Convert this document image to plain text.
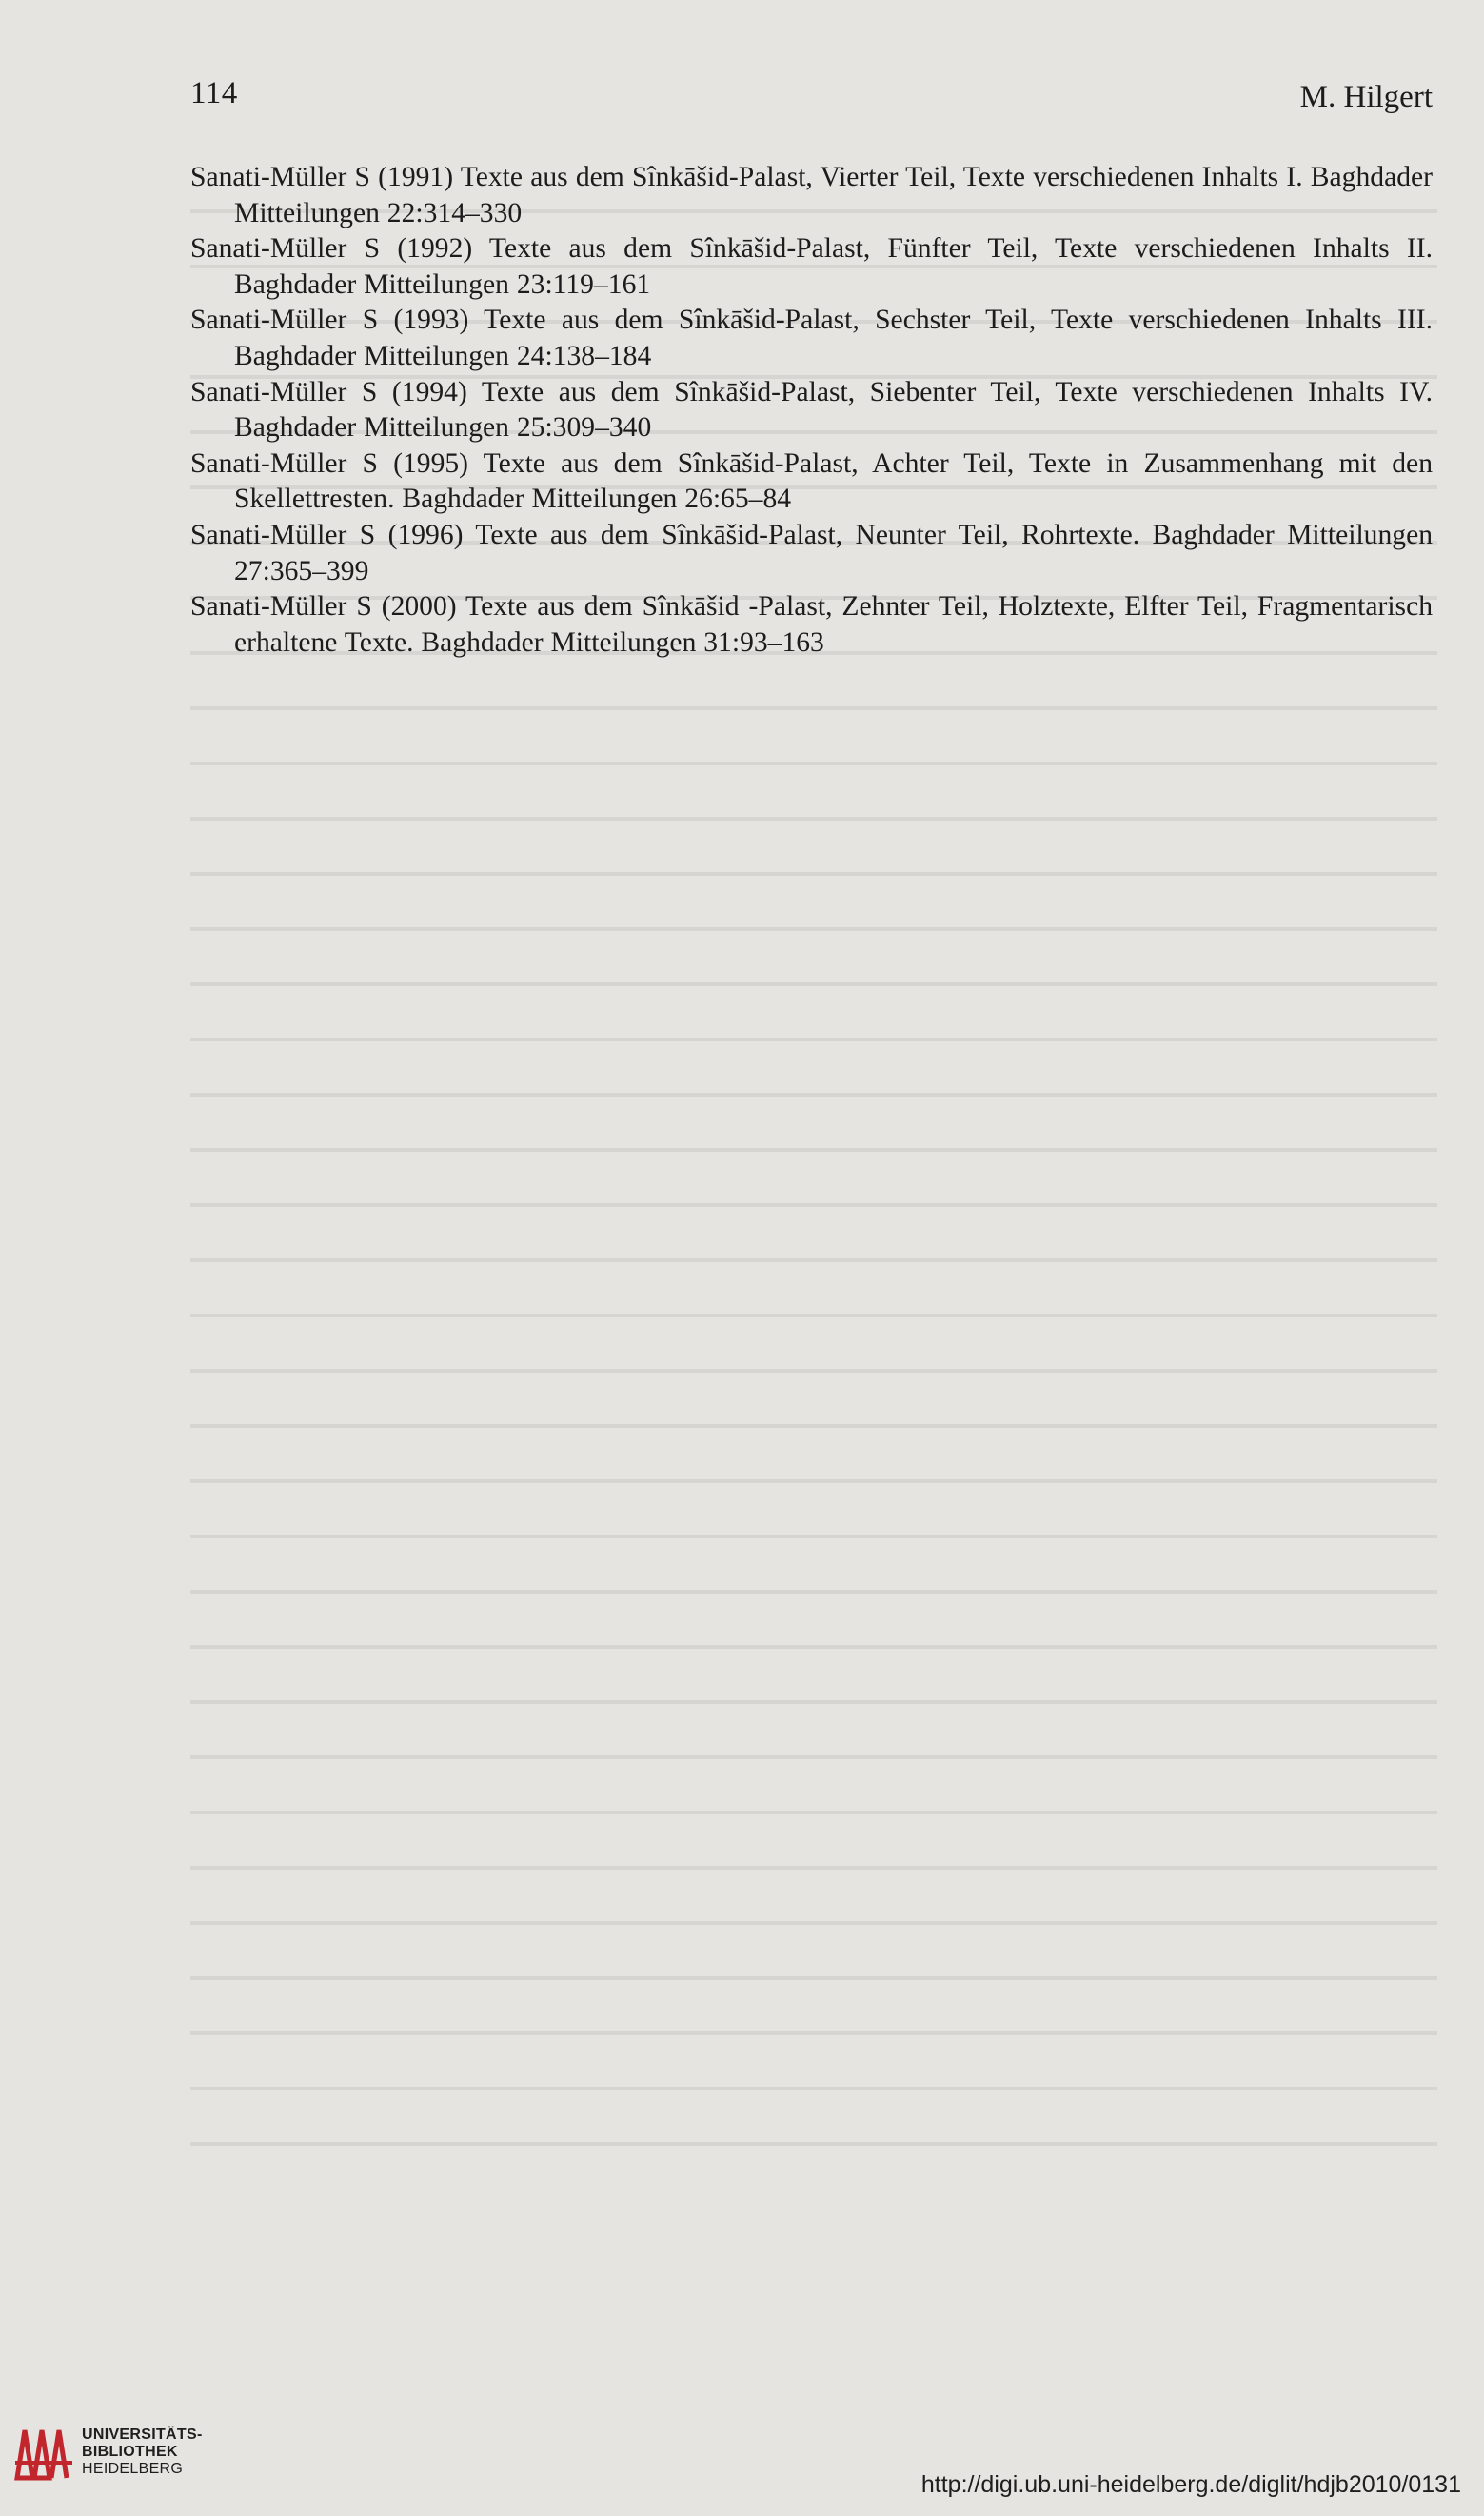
114	M. Hilgert

Sanati-Müller S (1991) Texte aus dem Sînkāšid-Palast, Vierter Teil, Texte verschiedenen Inhalts I. Baghdader Mitteilungen 22:314–330

Sanati-Müller S (1992) Texte aus dem Sînkāšid-Palast, Fünfter Teil, Texte verschiedenen Inhalts II. Baghdader Mitteilungen 23:119–161

Sanati-Müller S (1993) Texte aus dem Sînkāšid-Palast, Sechster Teil, Texte verschiedenen Inhalts III. Baghdader Mitteilungen 24:138–184

Sanati-Müller S (1994) Texte aus dem Sînkāšid-Palast, Siebenter Teil, Texte verschiedenen Inhalts IV. Baghdader Mitteilungen 25:309–340

Sanati-Müller S (1995) Texte aus dem Sînkāšid-Palast, Achter Teil, Texte in Zusammenhang mit den Skellettresten. Baghdader Mitteilungen 26:65–84

Sanati-Müller S (1996) Texte aus dem Sînkāšid-Palast, Neunter Teil, Rohrtexte. Baghdader Mitteilungen 27:365–399

Sanati-Müller S (2000) Texte aus dem Sînkāšid -Palast, Zehnter Teil, Holztexte, Elfter Teil, Fragmentarisch erhaltene Texte. Baghdader Mitteilungen 31:93–163

UNIVERSITÄTS-
BIBLIOTHEK
HEIDELBERG
http://digi.ub.uni-heidelberg.de/diglit/hdjb2010/0131
